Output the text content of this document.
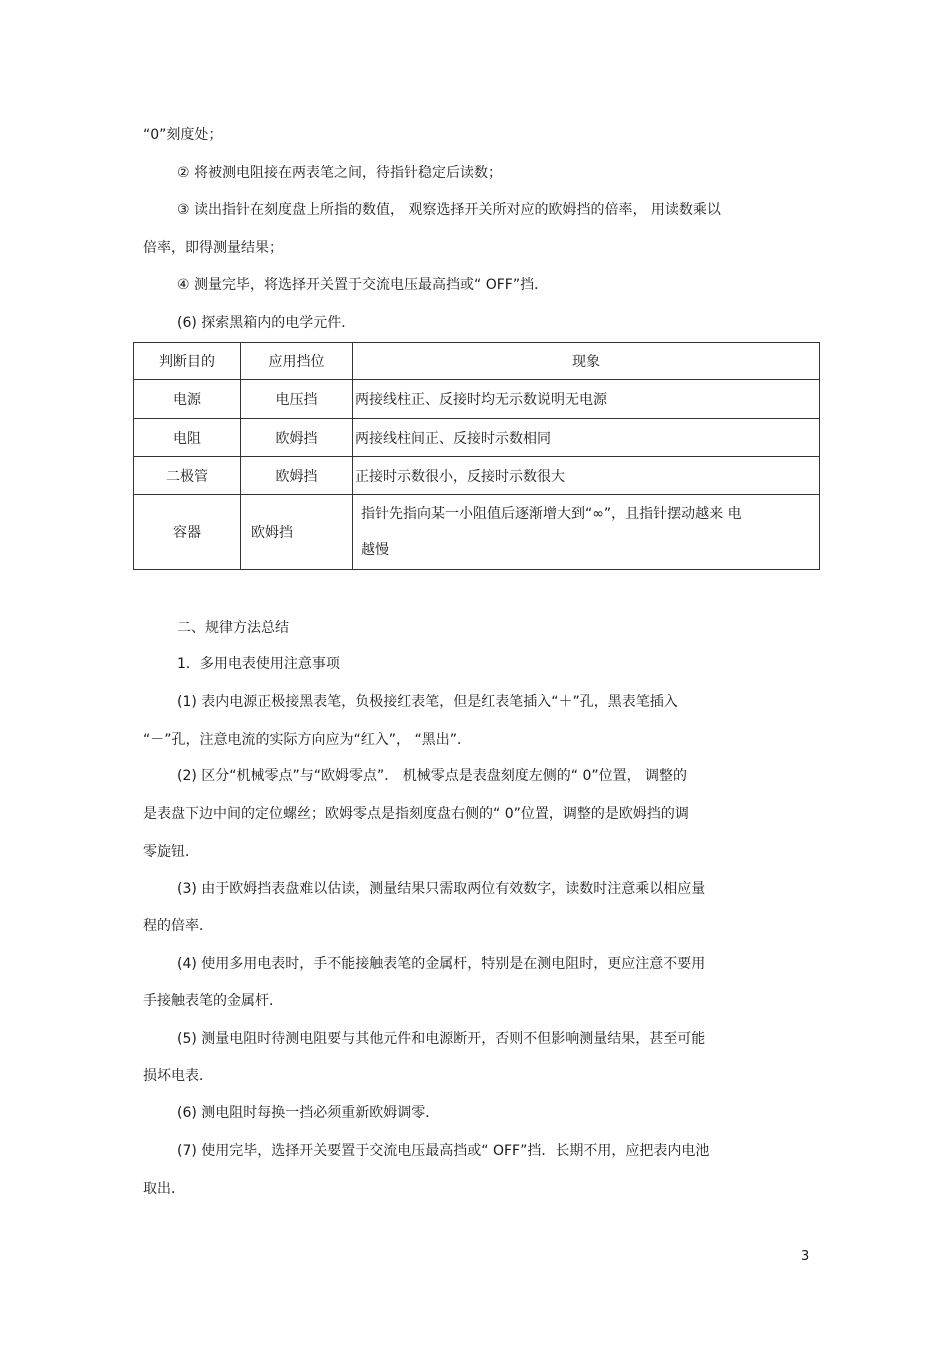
“0”刻度处；
② 将被测电阻接在两表笔之间，待指针稳定后读数；
③ 读出指针在刻度盘上所指的数值， 观察选择开关所对应的欧姆挡的倍率， 用读数乘以
倍率，即得测量结果；
④ 测量完毕，将选择开关置于交流电压最高挡或“ OFF”挡．
(6) 探索黑箱内的电学元件．
判断目的	应用挡位	现象
电源	电压挡	两接线柱正、反接时均无示数说明无电源
电阻	欧姆挡	两接线柱间正、反接时示数相同
二极管	欧姆挡	正接时示数很小，反接时示数很大
容器	欧姆挡	指针先指向某一小阻值后逐渐增大到“∞”，且指针摆动越来 电
越慢
二、规律方法总结
1．多用电表使用注意事项
(1) 表内电源正极接黑表笔，负极接红表笔，但是红表笔插入“＋”孔，黑表笔插入
“－”孔，注意电流的实际方向应为“红入”， “黑出”．
(2) 区分“机械零点”与“欧姆零点”． 机械零点是表盘刻度左侧的“ 0”位置， 调整的
是表盘下边中间的定位螺丝；欧姆零点是指刻度盘右侧的“ 0”位置，调整的是欧姆挡的调
零旋钮．
(3) 由于欧姆挡表盘难以估读，测量结果只需取两位有效数字，读数时注意乘以相应量
程的倍率．
(4) 使用多用电表时，手不能接触表笔的金属杆，特别是在测电阻时，更应注意不要用
手接触表笔的金属杆．
(5) 测量电阻时待测电阻要与其他元件和电源断开，否则不但影响测量结果，甚至可能
损坏电表．
(6) 测电阻时每换一挡必须重新欧姆调零．
(7) 使用完毕，选择开关要置于交流电压最高挡或“ OFF”挡．长期不用，应把表内电池
取出．
3
